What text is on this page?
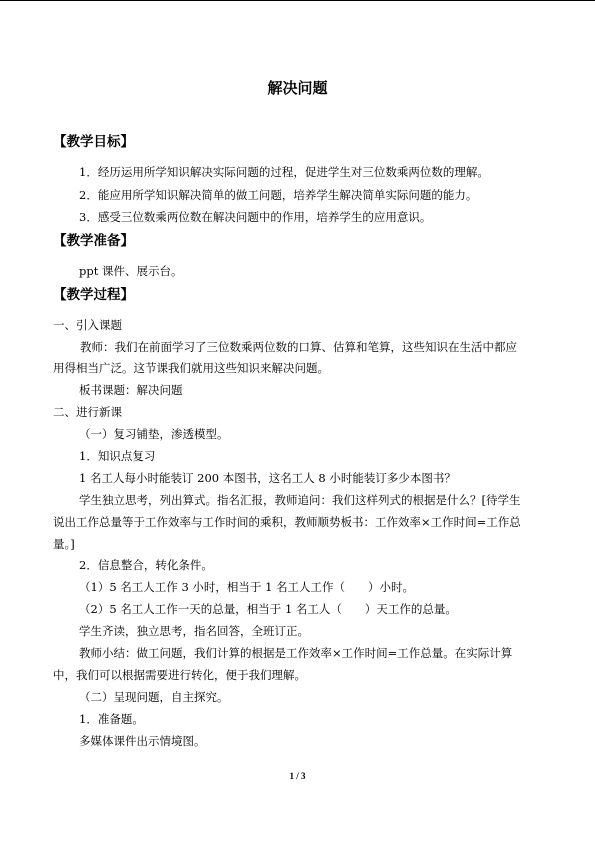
解决问题
【教学目标】
1．经历运用所学知识解决实际问题的过程，促进学生对三位数乘两位数的理解。
2．能应用所学知识解决简单的做工问题，培养学生解决简单实际问题的能力。
3．感受三位数乘两位数在解决问题中的作用，培养学生的应用意识。
【教学准备】
ppt 课件、展示台。
【教学过程】
一、引入课题
教师：我们在前面学习了三位数乘两位数的口算、估算和笔算，这些知识在生活中都应
用得相当广泛。这节课我们就用这些知识来解决问题。
板书课题：解决问题
二、进行新课
（一）复习铺垫，渗透模型。
1．知识点复习
1 名工人每小时能装订 200 本图书，这名工人 8 小时能装订多少本图书？
学生独立思考，列出算式。指名汇报，教师追问：我们这样列式的根据是什么？[待学生
说出工作总量等于工作效率与工作时间的乘积，教师顺势板书：工作效率×工作时间=工作总
量。]
2．信息整合，转化条件。
（1）5 名工人工作 3 小时，相当于 1 名工人工作（　　）小时。
（2）5 名工人工作一天的总量，相当于 1 名工人（　　）天工作的总量。
学生齐读，独立思考，指名回答，全班订正。
教师小结：做工问题，我们计算的根据是工作效率×工作时间=工作总量。在实际计算
中，我们可以根据需要进行转化，便于我们理解。
（二）呈现问题，自主探究。
1．准备题。
多媒体课件出示情境图。
1 / 3
